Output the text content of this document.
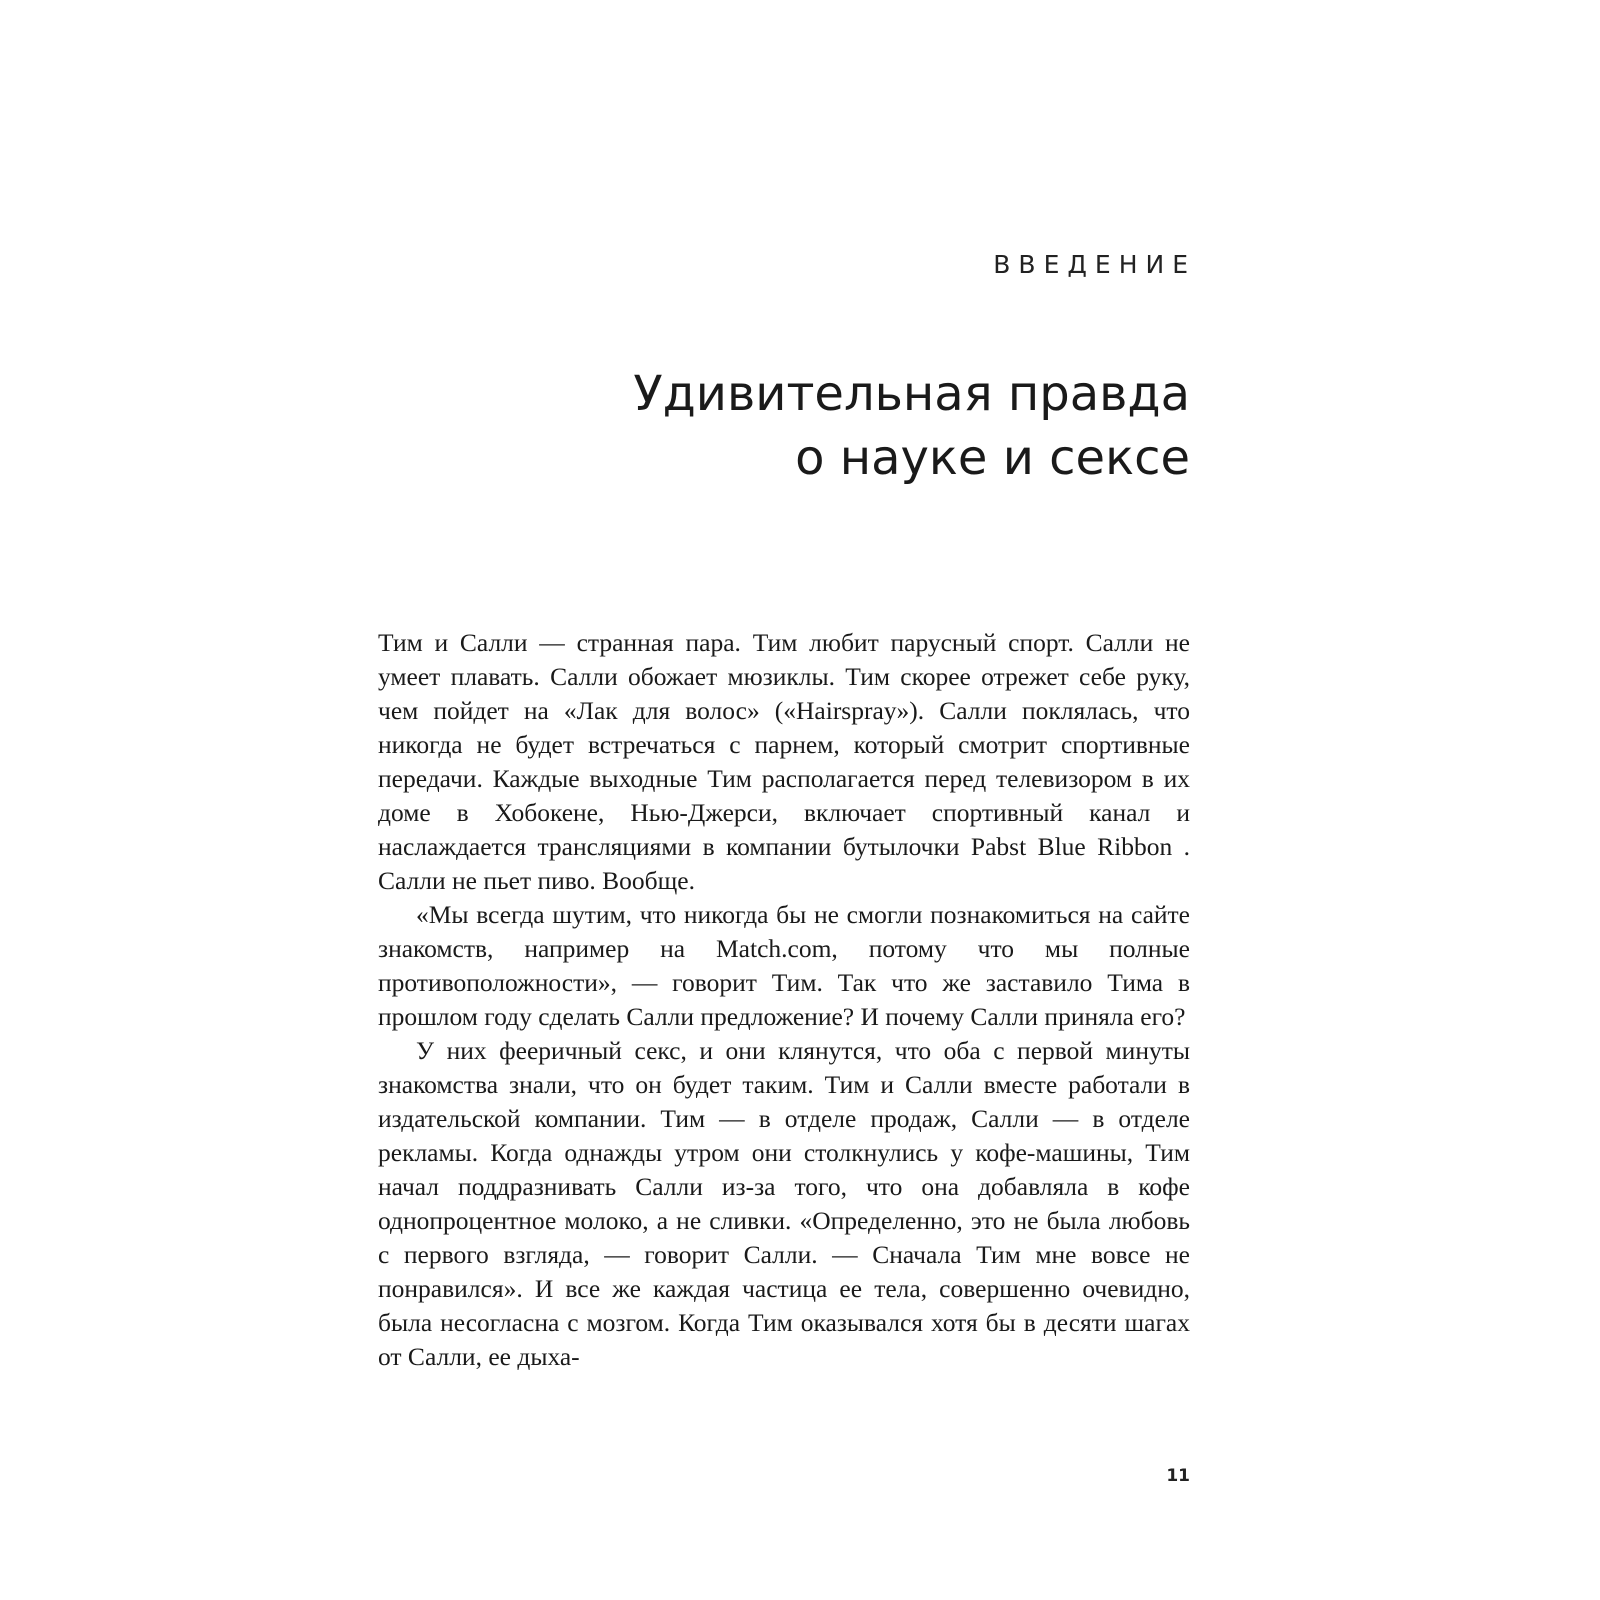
ВВЕДЕНИЕ
Удивительная правда
о науке и сексе

Тим и Салли — странная пара. Тим любит парусный спорт. Салли не умеет плавать. Салли обожает мюзиклы. Тим скорее отрежет себе руку, чем пойдет на «Лак для волос» («Hairspray»). Салли поклялась, что никогда не будет встречаться с парнем, который смотрит спортивные передачи. Каждые выходные Тим располагается перед телевизором в их доме в Хобокене, Нью-Джерси, включает спортивный канал и наслаждается трансляциями в компании бутылочки Pabst Blue Ribbon . Салли не пьет пиво. Вообще.

«Мы всегда шутим, что никогда бы не смогли познакомиться на сайте знакомств, например на Match.com, потому что мы полные противоположности», — говорит Тим. Так что же заставило Тима в прошлом году сделать Салли предложение? И почему Салли приняла его?

У них фееричный секс, и они клянутся, что оба с первой минуты знакомства знали, что он будет таким. Тим и Салли вместе работали в издательской компании. Тим — в отделе продаж, Салли — в отделе рекламы. Когда однажды утром они столкнулись у кофе-машины, Тим начал поддразнивать Салли из-за того, что она добавляла в кофе однопроцентное молоко, а не сливки. «Определенно, это не была любовь с первого взгляда, — говорит Салли. — Сначала Тим мне вовсе не понравился». И все же каждая частица ее тела, совершенно очевидно, была несогласна с мозгом. Когда Тим оказывался хотя бы в десяти шагах от Салли, ее дыха-

11
